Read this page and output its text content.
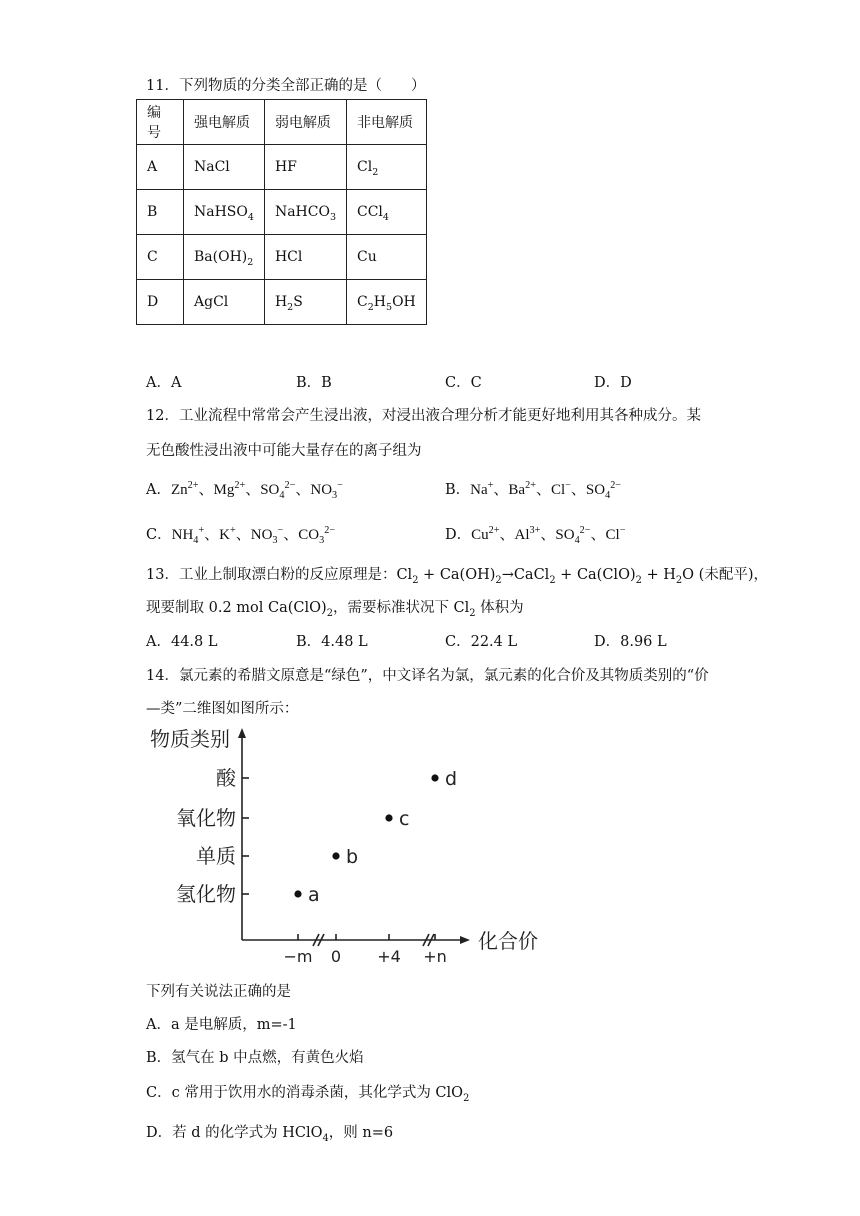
11．下列物质的分类全部正确的是（　　）
编号	强电解质	弱电解质	非电解质
A	NaCl	HF	$Cl_2$
B	NaHSO$_4$	NaHCO$_3$	CCl$_4$
C	$Ba(OH)_2$	HCl	Cu
D	AgCl	$H_2S$	$C_2H_5OH$
A．A	B．B	C．C	D．D
12．工业流程中常常会产生浸出液，对浸出液合理分析才能更好地利用其各种成分。某
无色酸性浸出液中可能大量存在的离子组为
A．$Zn^{2+}$、$Mg^{2+}$、$SO_4^{2-}$、$NO_3^-$	B．Na+、$Ba^{2+}$、Cl−、$SO_4^{2-}$
C．$NH_4^+$、K+、$NO_3^-$、$CO_3^{2-}$	D．$Cu^{2+}$、$Al^{3+}$、$SO_4^{2-}$、Cl−
13．工业上制取漂白粉的反应原理是：$Cl_2$ + $Ca(OH)_2\to CaCl_2 + Ca(ClO)_2 + H_2O$ (未配平)，
现要制取 0.2 mol $Ca(ClO)_2$，需要标准状况下 $Cl_2$ 体积为
A．44.8 L	B．4.48 L	C．22.4 L	D．8.96 L
14．氯元素的希腊文原意是“绿色”，中文译名为氯，氯元素的化合价及其物质类别的“价
—类”二维图如图所示：
物质类别
化合价
氢化物
单质
氧化物
酸
−m 0 +4 +n
a
b
c
d
下列有关说法正确的是
A．a 是电解质，m=-1
B．氢气在 b 中点燃，有黄色火焰
C．c 常用于饮用水的消毒杀菌，其化学式为 ClO$_2$
D．若 d 的化学式为 HClO$_4$，则 n=6
